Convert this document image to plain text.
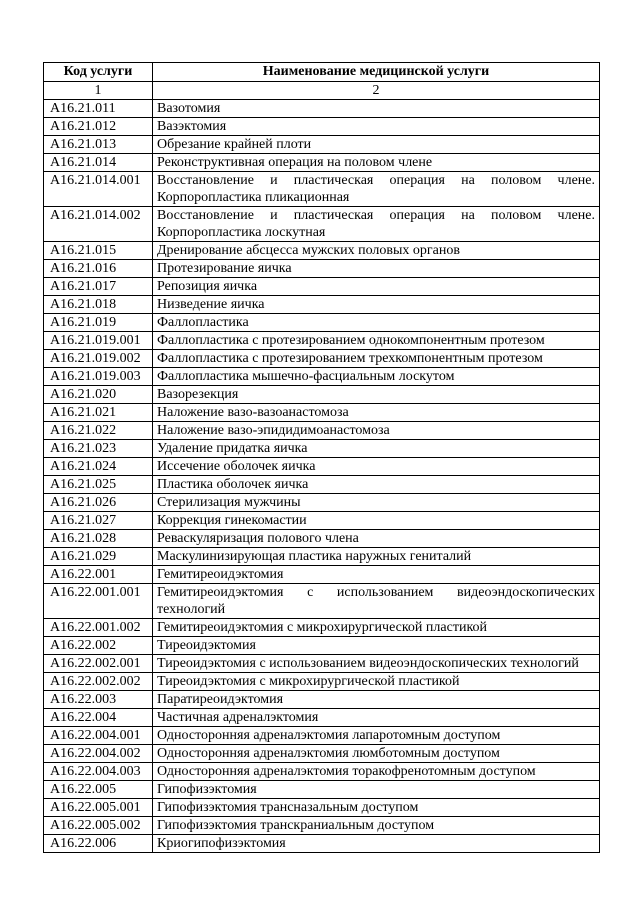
Код услуги	Наименование медицинской услуги
1	2
A16.21.011	Вазотомия
A16.21.012	Вазэктомия
A16.21.013	Обрезание крайней плоти
A16.21.014	Реконструктивная операция на половом члене
A16.21.014.001	Восстановление и пластическая операция на половом члене. Корпоропластика пликационная
A16.21.014.002	Восстановление и пластическая операция на половом члене. Корпоропластика лоскутная
A16.21.015	Дренирование абсцесса мужских половых органов
A16.21.016	Протезирование яичка
A16.21.017	Репозиция яичка
A16.21.018	Низведение яичка
A16.21.019	Фаллопластика
A16.21.019.001	Фаллопластика с протезированием однокомпонентным протезом
A16.21.019.002	Фаллопластика с протезированием трехкомпонентным протезом
A16.21.019.003	Фаллопластика мышечно-фасциальным лоскутом
A16.21.020	Вазорезекция
A16.21.021	Наложение вазо-вазоанастомоза
A16.21.022	Наложение вазо-эпидидимоанастомоза
A16.21.023	Удаление придатка яичка
A16.21.024	Иссечение оболочек яичка
A16.21.025	Пластика оболочек яичка
A16.21.026	Стерилизация мужчины
A16.21.027	Коррекция гинекомастии
A16.21.028	Реваскуляризация полового члена
A16.21.029	Маскулинизирующая пластика наружных гениталий
A16.22.001	Гемитиреоидэктомия
A16.22.001.001	Гемитиреоидэктомия с использованием видеоэндоскопических технологий
A16.22.001.002	Гемитиреоидэктомия с микрохирургической пластикой
A16.22.002	Тиреоидэктомия
A16.22.002.001	Тиреоидэктомия с использованием видеоэндоскопических технологий
A16.22.002.002	Тиреоидэктомия с микрохирургической пластикой
A16.22.003	Паратиреоидэктомия
A16.22.004	Частичная адреналэктомия
A16.22.004.001	Односторонняя адреналэктомия лапаротомным доступом
A16.22.004.002	Односторонняя адреналэктомия люмботомным доступом
A16.22.004.003	Односторонняя адреналэктомия торакофренотомным доступом
A16.22.005	Гипофизэктомия
A16.22.005.001	Гипофизэктомия трансназальным доступом
A16.22.005.002	Гипофизэктомия транскраниальным доступом
A16.22.006	Криогипофизэктомия
